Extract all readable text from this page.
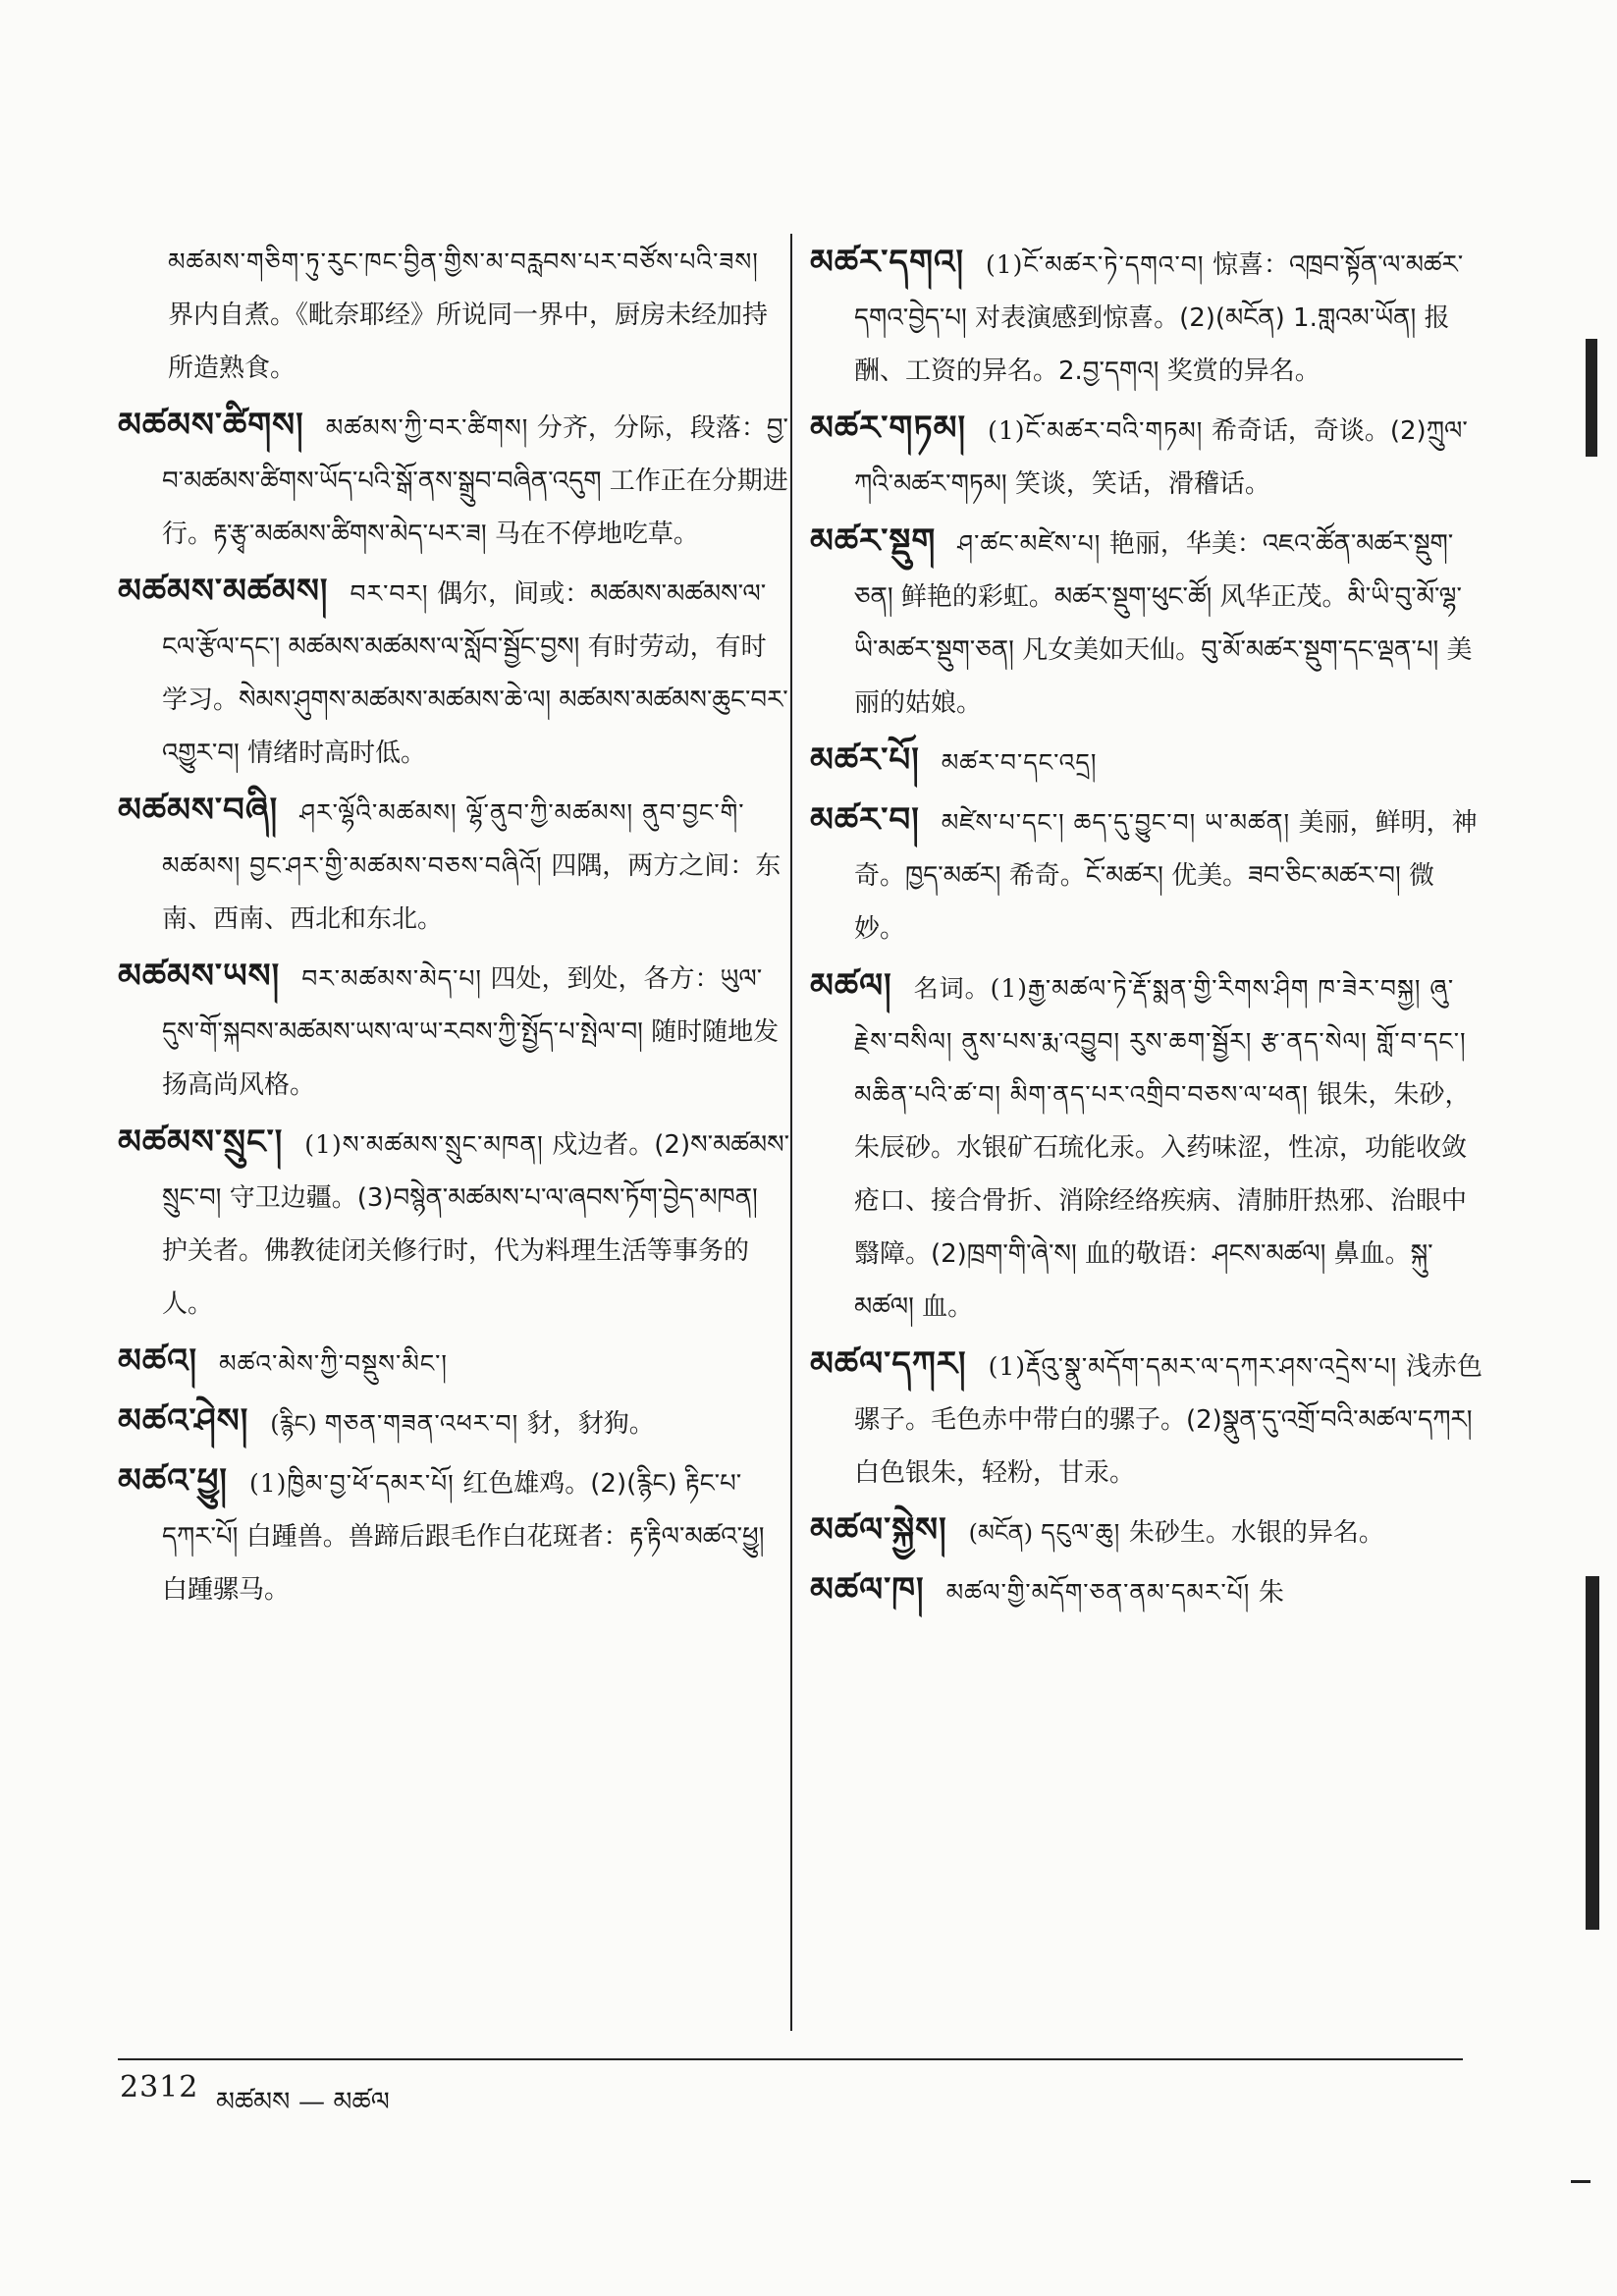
མཚམས་གཅིག་ཏུ་རུང་ཁང་བྱིན་གྱིས་མ་བརླབས་པར་བཙོས་པའི་ཟས། 界内自煮。《毗奈耶经》所说同一界中，厨房未经加持所造熟食。

མཚམས་ཚིགས། མཚམས་ཀྱི་བར་ཚིགས། 分齐，分际，段落：བྱ་བ་མཚམས་ཚིགས་ཡོད་པའི་སྒོ་ནས་སྒྲུབ་བཞིན་འདུག 工作正在分期进行。རྟ་རྩྭ་མཚམས་ཚིགས་མེད་པར་ཟ། 马在不停地吃草。

མཚམས་མཚམས། བར་བར། 偶尔，间或：མཚམས་མཚམས་ལ་ངལ་རྩོལ་དང་། མཚམས་མཚམས་ལ་སློབ་སྦྱོང་བྱས། 有时劳动，有时学习。སེམས་ཤུགས་མཚམས་མཚམས་ཆེ་ལ། མཚམས་མཚམས་ཆུང་བར་འགྱུར་བ། 情绪时高时低。

མཚམས་བཞི། ཤར་ལྷོའི་མཚམས། ལྷོ་ནུབ་ཀྱི་མཚམས། ནུབ་བྱང་གི་མཚམས། བྱང་ཤར་གྱི་མཚམས་བཅས་བཞིའོ། 四隅，两方之间：东南、西南、西北和东北。

མཚམས་ཡས། བར་མཚམས་མེད་པ། 四处，到处，各方：ཡུལ་དུས་གོ་སྐབས་མཚམས་ཡས་ལ་ཡ་རབས་ཀྱི་སྤྱོད་པ་སྤེལ་བ། 随时随地发扬高尚风格。

མཚམས་སྲུང་། (1)ས་མཚམས་སྲུང་མཁན། 戍边者。(2)ས་མཚམས་སྲུང་བ། 守卫边疆。(3)བསྙེན་མཚམས་པ་ལ་ཞབས་ཏོག་བྱེད་མཁན། 护关者。佛教徒闭关修行时，代为料理生活等事务的人。

མཚའ། མཚའ་མེས་ཀྱི་བསྡུས་མིང་།

མཚའ་ཤེས། (རྙིང) གཅན་གཟན་འཕར་བ། 豺，豺狗。

མཚའ་ཕྱུ། (1)ཁྱིམ་བྱ་ཕོ་དམར་པོ། 红色雄鸡。(2)(རྙིང) རྟིང་པ་དཀར་པོ། 白踵兽。兽蹄后跟毛作白花斑者：རྟ་རྟིལ་མཚའ་ཕྱུ། 白踵骡马。

མཚར་དགའ། (1)ངོ་མཚར་ཏེ་དགའ་བ། 惊喜：འཁྲབ་སྟོན་ལ་མཚར་དགའ་བྱེད་པ། 对表演感到惊喜。(2)(མངོན) 1.གླའམ་ཡོན། 报酬、工资的异名。2.བྱ་དགའ། 奖赏的异名。

མཚར་གཏམ། (1)ངོ་མཚར་བའི་གཏམ། 希奇话，奇谈。(2)ཀྲུལ་ཀའི་མཚར་གཏམ། 笑谈，笑话，滑稽话。

མཚར་སྡུག ཤ་ཚང་མཛེས་པ། 艳丽，华美：འཇའ་ཚོན་མཚར་སྡུག་ཅན། 鲜艳的彩虹。མཚར་སྡུག་ཕུང་ཚོ། 风华正茂。མི་ཡི་བུ་མོ་ལྷ་ཡི་མཚར་སྡུག་ཅན། 凡女美如天仙。བུ་མོ་མཚར་སྡུག་དང་ལྡན་པ། 美丽的姑娘。

མཚར་པོ། མཚར་བ་དང་འདྲ།

མཚར་བ། མཛེས་པ་དང་། ཆད་དུ་བྱུང་བ། ཡ་མཚན། 美丽，鲜明，神奇。ཁྱད་མཚར། 希奇。ངོ་མཚར། 优美。ཟབ་ཅིང་མཚར་བ། 微妙。

མཚལ། 名词。(1)རྒྱ་མཚལ་ཏེ་རྡོ་སྨན་གྱི་རིགས་ཤིག ཁ་ཟེར་བསྐྱ། ཞུ་རྗེས་བསིལ། ནུས་པས་རྨ་འབྱུབ། རུས་ཆག་སྦྱོར། རྩ་ནད་སེལ། གློ་བ་དང་། མཆིན་པའི་ཚ་བ། མིག་ནད་པར་འགྲིབ་བཅས་ལ་ཕན། 银朱，朱砂，朱辰砂。水银矿石琉化汞。入药味涩，性凉，功能收敛疮口、接合骨折、消除经络疾病、清肺肝热邪、治眼中翳障。(2)ཁྲག་གི་ཞེ་ས། 血的敬语：ཤངས་མཚལ། 鼻血。སྐུ་མཚལ། 血。

མཚལ་དཀར། (1)རྡོའུ་སྣུ་མདོག་དམར་ལ་དཀར་ཤས་འདྲེས་པ། 浅赤色骡子。毛色赤中带白的骡子。(2)སྣུན་དུ་འགྲོ་བའི་མཚལ་དཀར། 白色银朱，轻粉，甘汞。

མཚལ་སྐྱེས། (མངོན) དངུལ་ཆུ། 朱砂生。水银的异名。

མཚལ་ཁ། མཚལ་གྱི་མདོག་ཅན་ནམ་དམར་པོ། 朱

2312 མཚམས — མཚལ
